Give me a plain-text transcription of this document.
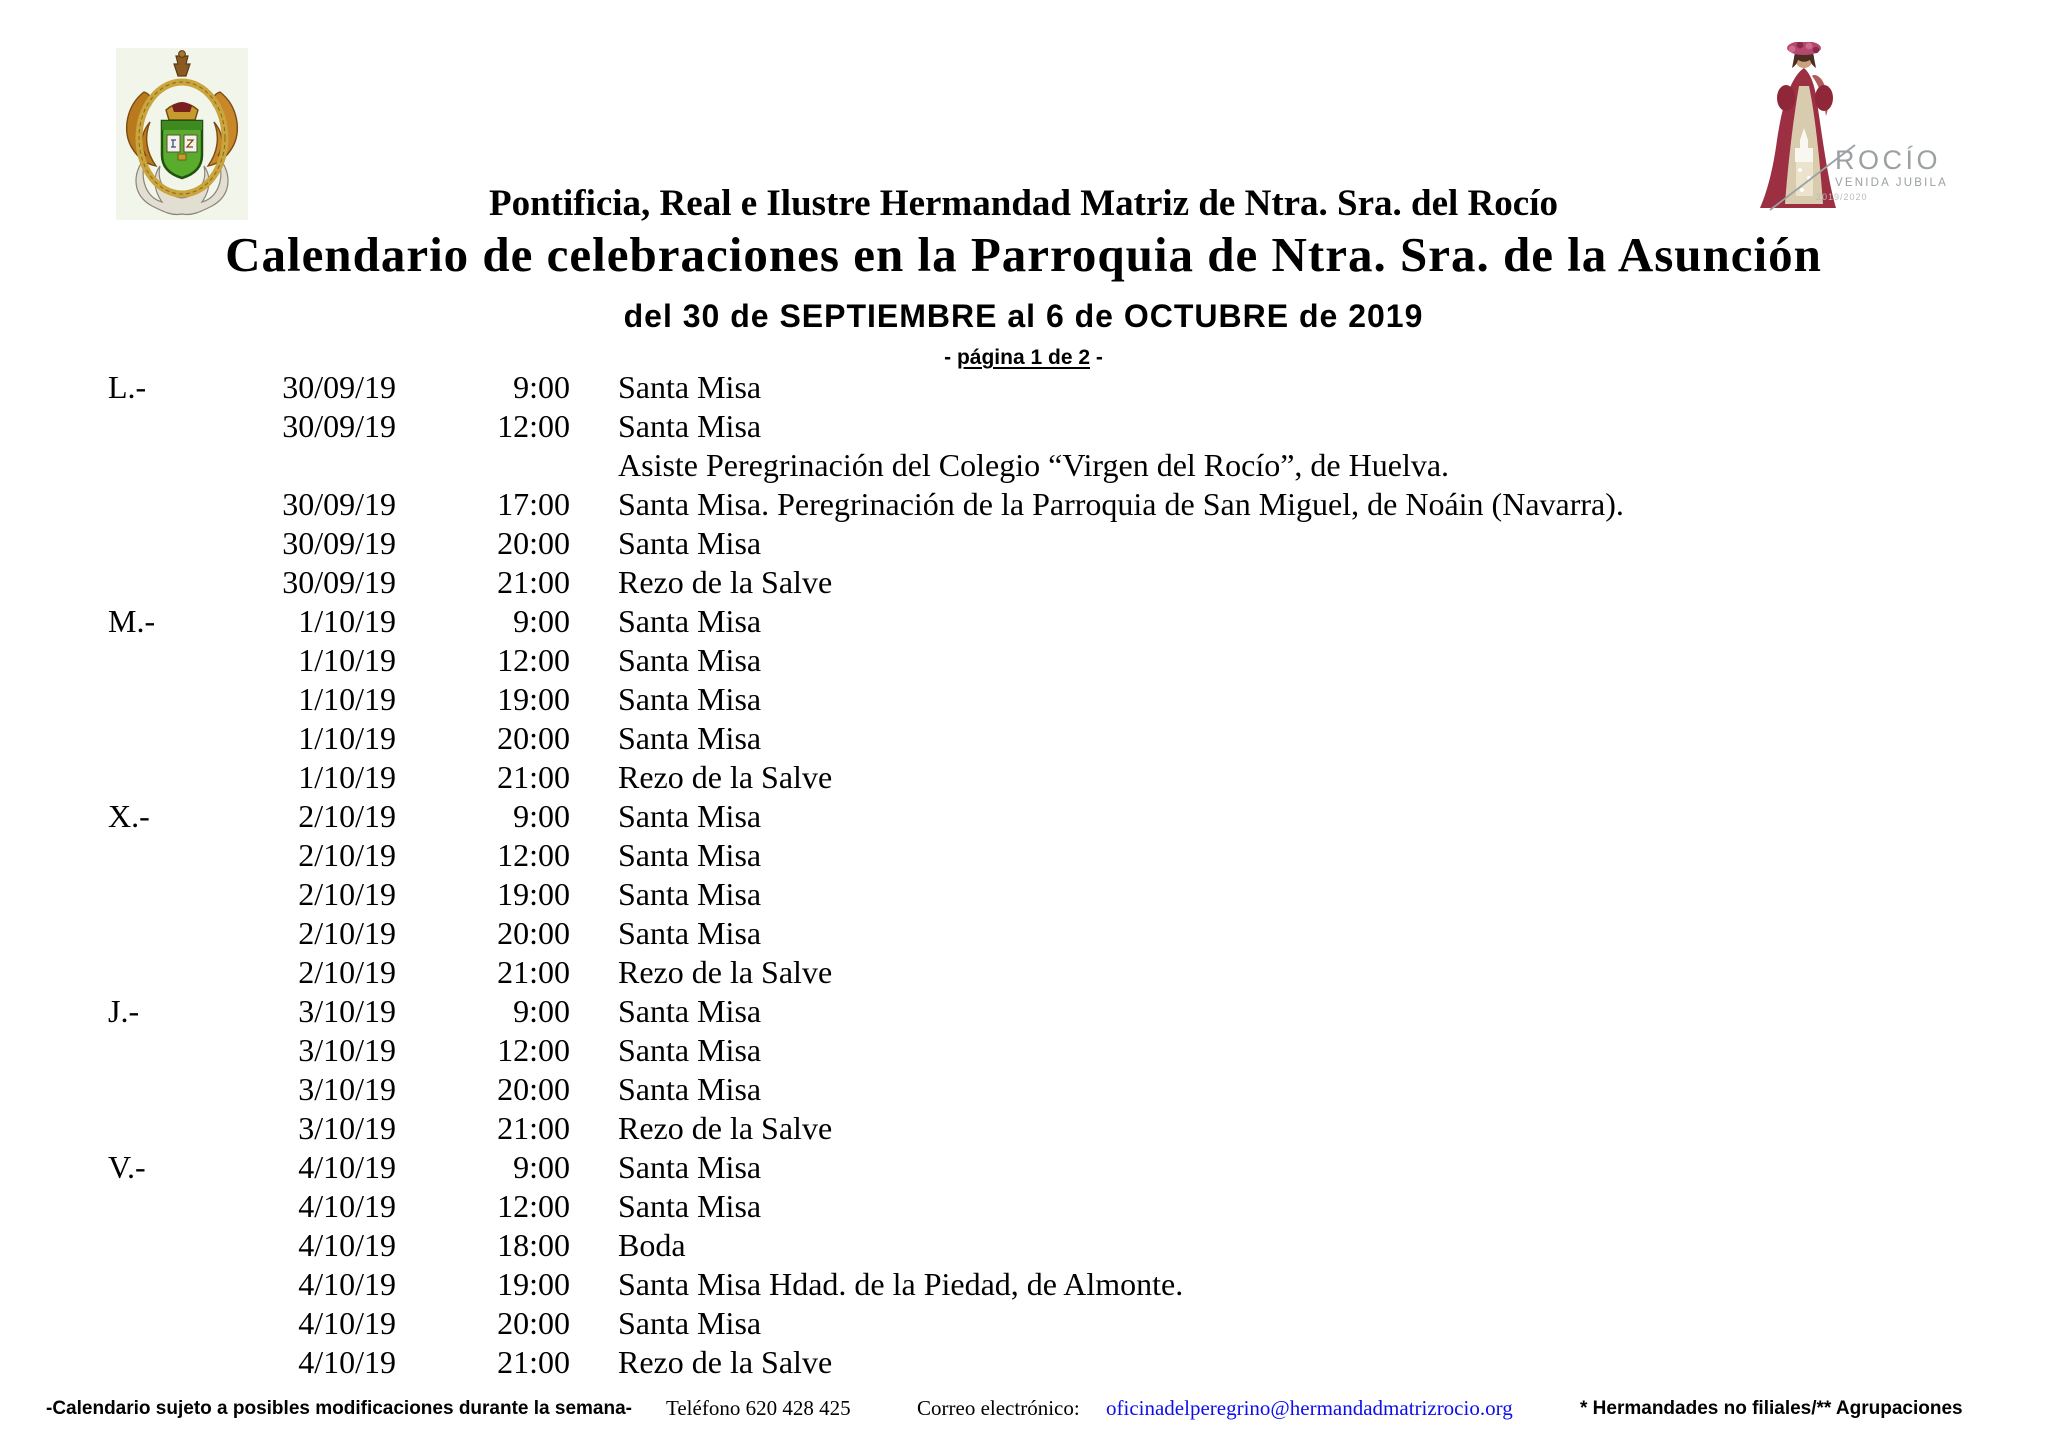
ROCÍO
VENIDA JUBILAR
2019/2020
Pontificia, Real e Ilustre Hermandad Matriz de Ntra. Sra. del Rocío
Calendario de celebraciones en la Parroquia de Ntra. Sra. de la Asunción
del 30 de SEPTIEMBRE al 6 de OCTUBRE de 2019
- página 1 de 2 -
L.-	30/09/19	9:00	Santa Misa
30/09/19	12:00	Santa Misa
Asiste Peregrinación del Colegio “Virgen del Rocío”, de Huelva.
30/09/19	17:00	Santa Misa. Peregrinación de la Parroquia de San Miguel, de Noáin (Navarra).
30/09/19	20:00	Santa Misa
30/09/19	21:00	Rezo de la Salve
M.-	1/10/19	9:00	Santa Misa
1/10/19	12:00	Santa Misa
1/10/19	19:00	Santa Misa
1/10/19	20:00	Santa Misa
1/10/19	21:00	Rezo de la Salve
X.-	2/10/19	9:00	Santa Misa
2/10/19	12:00	Santa Misa
2/10/19	19:00	Santa Misa
2/10/19	20:00	Santa Misa
2/10/19	21:00	Rezo de la Salve
J.-	3/10/19	9:00	Santa Misa
3/10/19	12:00	Santa Misa
3/10/19	20:00	Santa Misa
3/10/19	21:00	Rezo de la Salve
V.-	4/10/19	9:00	Santa Misa
4/10/19	12:00	Santa Misa
4/10/19	18:00	Boda
4/10/19	19:00	Santa Misa Hdad. de la Piedad, de Almonte.
4/10/19	20:00	Santa Misa
4/10/19	21:00	Rezo de la Salve
-Calendario sujeto a posibles modificaciones durante la semana- Teléfono 620 428 425	Correo electrónico: oficinadelperegrino@hermandadmatrizrocio.org	* Hermandades no filiales/** Agrupaciones
